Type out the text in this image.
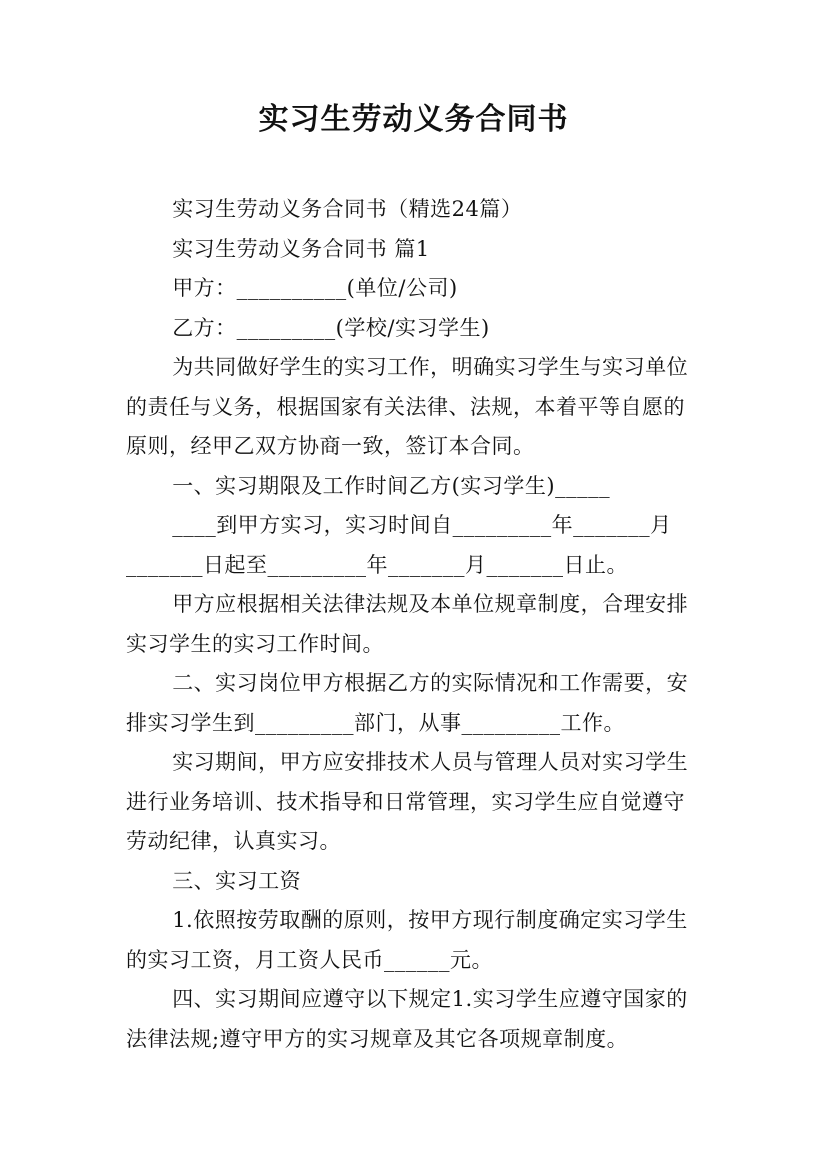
实习生劳动义务合同书

实习生劳动义务合同书（精选24篇）

实习生劳动义务合同书 篇1

甲方：__________(单位/公司)

乙方：_________(学校/实习学生)

为共同做好学生的实习工作，明确实习学生与实习单位的责任与义务，根据国家有关法律、法规，本着平等自愿的原则，经甲乙双方协商一致，签订本合同。

一、实习期限及工作时间乙方(实习学生)_____

____到甲方实习，实习时间自_________年_______月_______日起至_________年_______月_______日止。

甲方应根据相关法律法规及本单位规章制度，合理安排实习学生的实习工作时间。

二、实习岗位甲方根据乙方的实际情况和工作需要，安排实习学生到_________部门，从事_________工作。

实习期间，甲方应安排技术人员与管理人员对实习学生进行业务培训、技术指导和日常管理，实习学生应自觉遵守劳动纪律，认真实习。

三、实习工资

1.依照按劳取酬的原则，按甲方现行制度确定实习学生的实习工资，月工资人民币______元。

四、实习期间应遵守以下规定1.实习学生应遵守国家的法律法规;遵守甲方的实习规章及其它各项规章制度。
